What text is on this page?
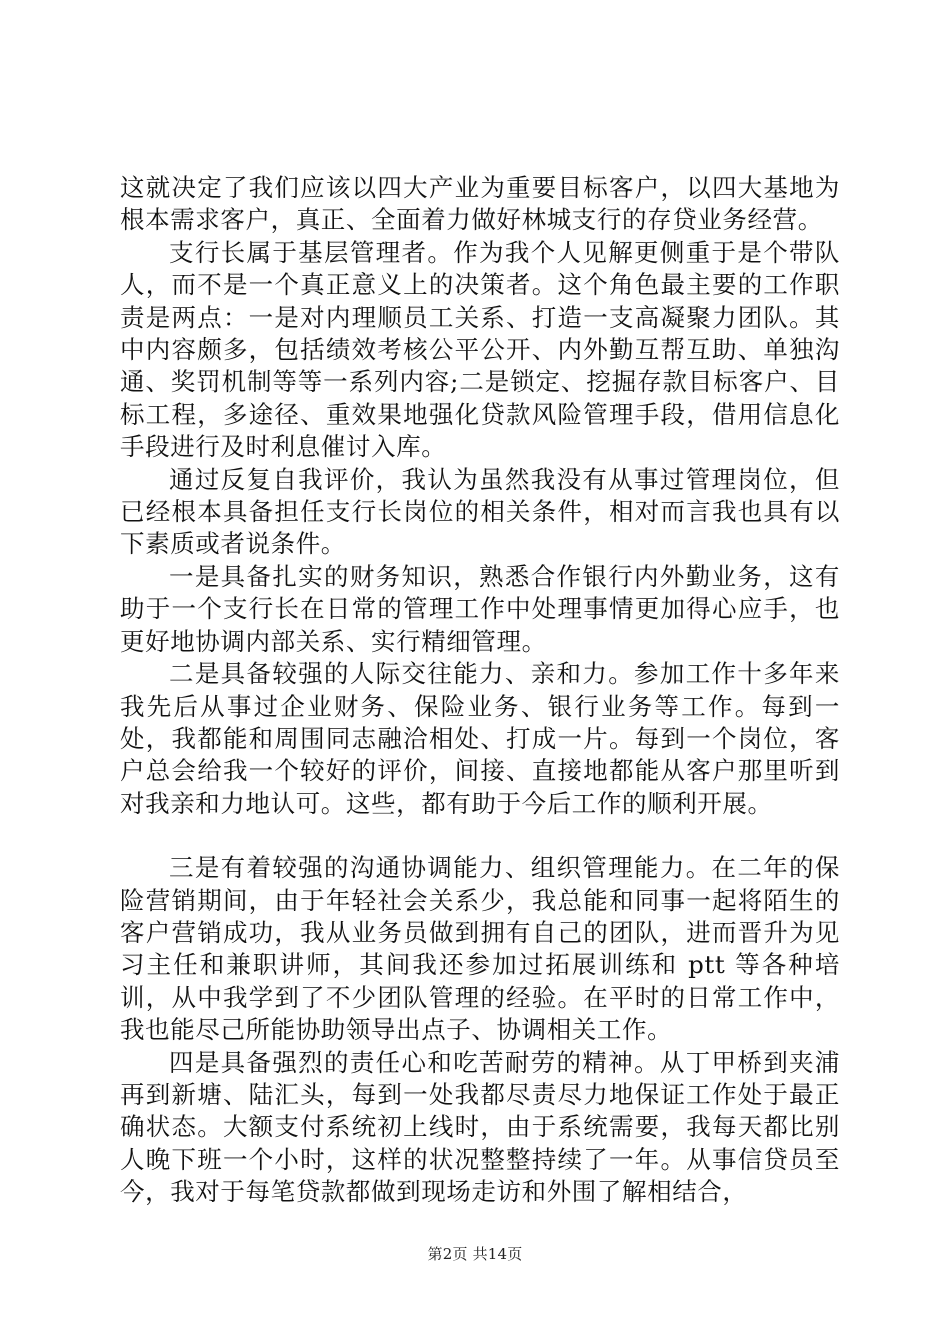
这就决定了我们应该以四大产业为重要目标客户，以四大基地为根本需求客户，真正、全面着力做好林城支行的存贷业务经营。

支行长属于基层管理者。作为我个人见解更侧重于是个带队人，而不是一个真正意义上的决策者。这个角色最主要的工作职责是两点：一是对内理顺员工关系、打造一支高凝聚力团队。其中内容颇多，包括绩效考核公平公开、内外勤互帮互助、单独沟通、奖罚机制等等一系列内容;二是锁定、挖掘存款目标客户、目标工程，多途径、重效果地强化贷款风险管理手段，借用信息化手段进行及时利息催讨入库。

通过反复自我评价，我认为虽然我没有从事过管理岗位，但已经根本具备担任支行长岗位的相关条件，相对而言我也具有以下素质或者说条件。

一是具备扎实的财务知识，熟悉合作银行内外勤业务，这有助于一个支行长在日常的管理工作中处理事情更加得心应手，也更好地协调内部关系、实行精细管理。

二是具备较强的人际交往能力、亲和力。参加工作十多年来我先后从事过企业财务、保险业务、银行业务等工作。每到一处，我都能和周围同志融洽相处、打成一片。每到一个岗位，客户总会给我一个较好的评价，间接、直接地都能从客户那里听到对我亲和力地认可。这些，都有助于今后工作的顺利开展。

三是有着较强的沟通协调能力、组织管理能力。在二年的保险营销期间，由于年轻社会关系少，我总能和同事一起将陌生的客户营销成功，我从业务员做到拥有自己的团队，进而晋升为见习主任和兼职讲师，其间我还参加过拓展训练和 ptt 等各种培训，从中我学到了不少团队管理的经验。在平时的日常工作中，我也能尽己所能协助领导出点子、协调相关工作。

四是具备强烈的责任心和吃苦耐劳的精神。从丁甲桥到夹浦再到新塘、陆汇头，每到一处我都尽责尽力地保证工作处于最正确状态。大额支付系统初上线时，由于系统需要，我每天都比别人晚下班一个小时，这样的状况整整持续了一年。从事信贷员至今，我对于每笔贷款都做到现场走访和外围了解相结合，

第2页 共14页
